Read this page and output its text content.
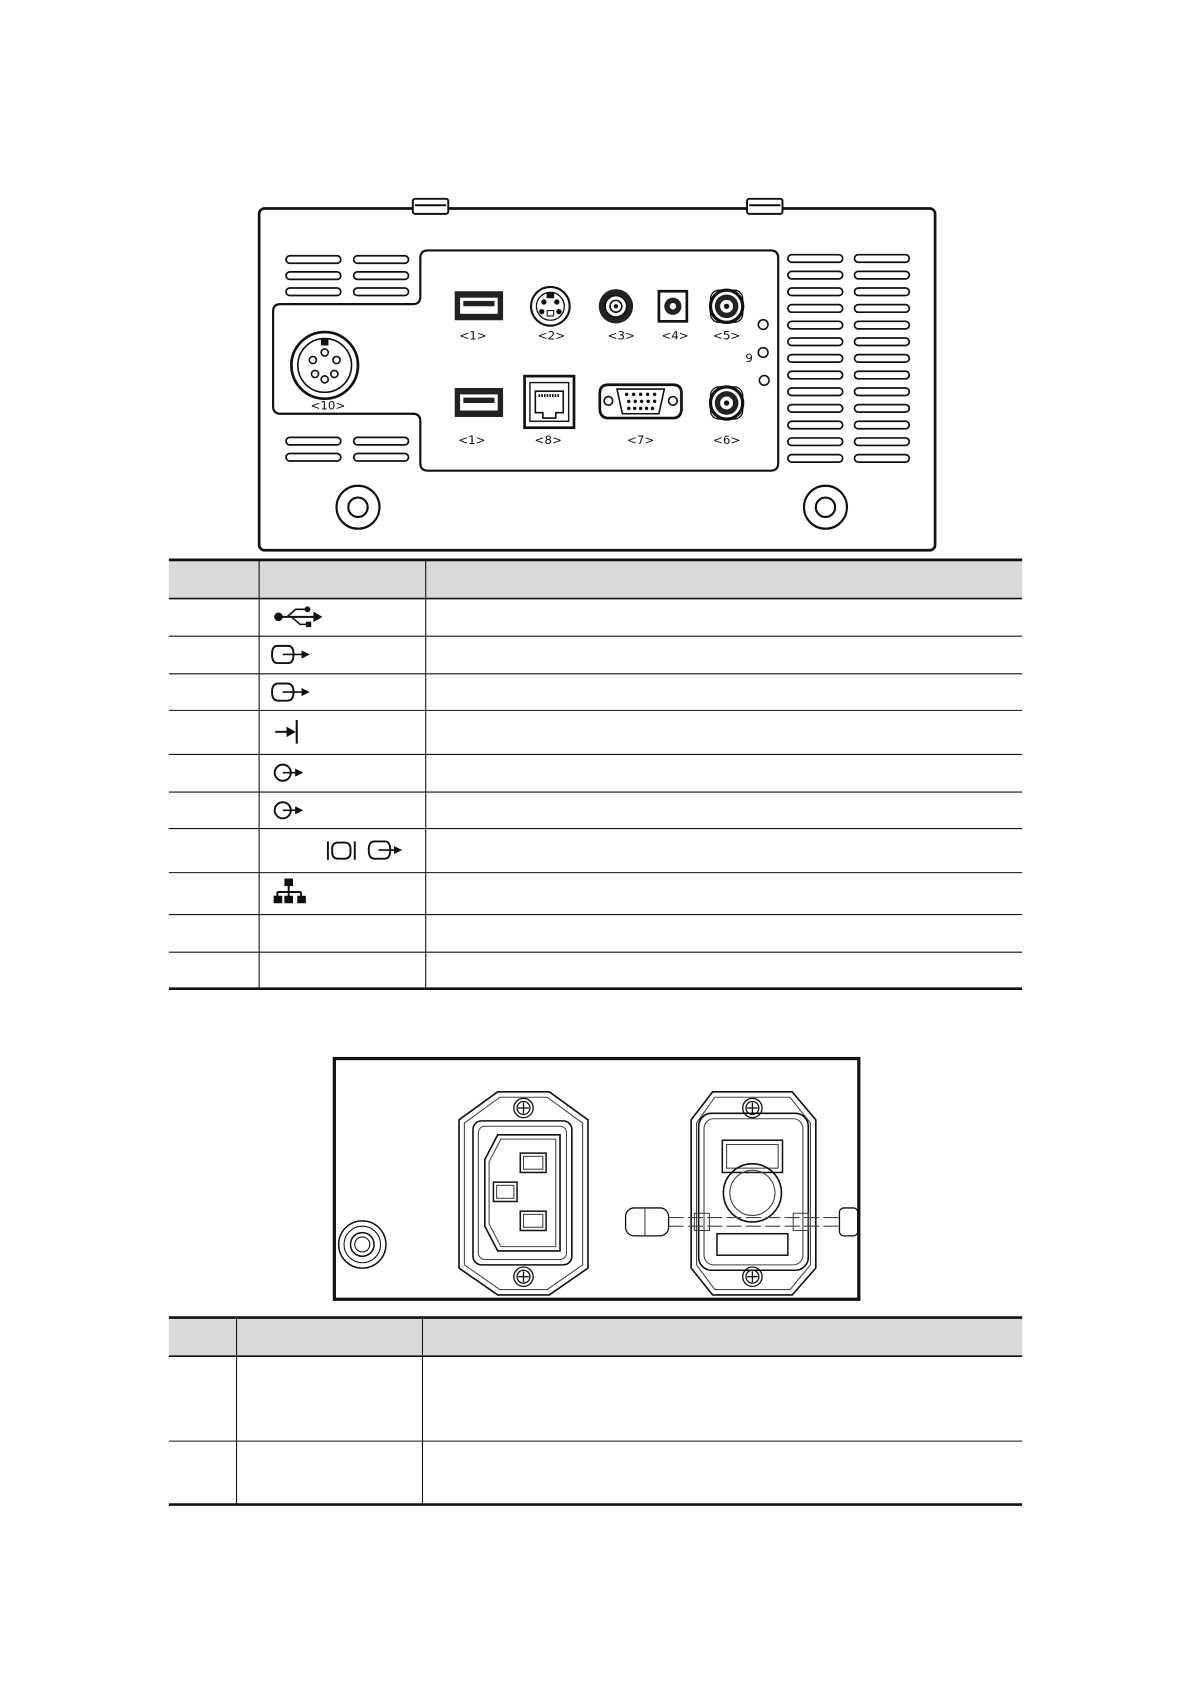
<10>
<1>	<2>	<3> <4> <5>
9
<1>	<8>	<7>	<6>
